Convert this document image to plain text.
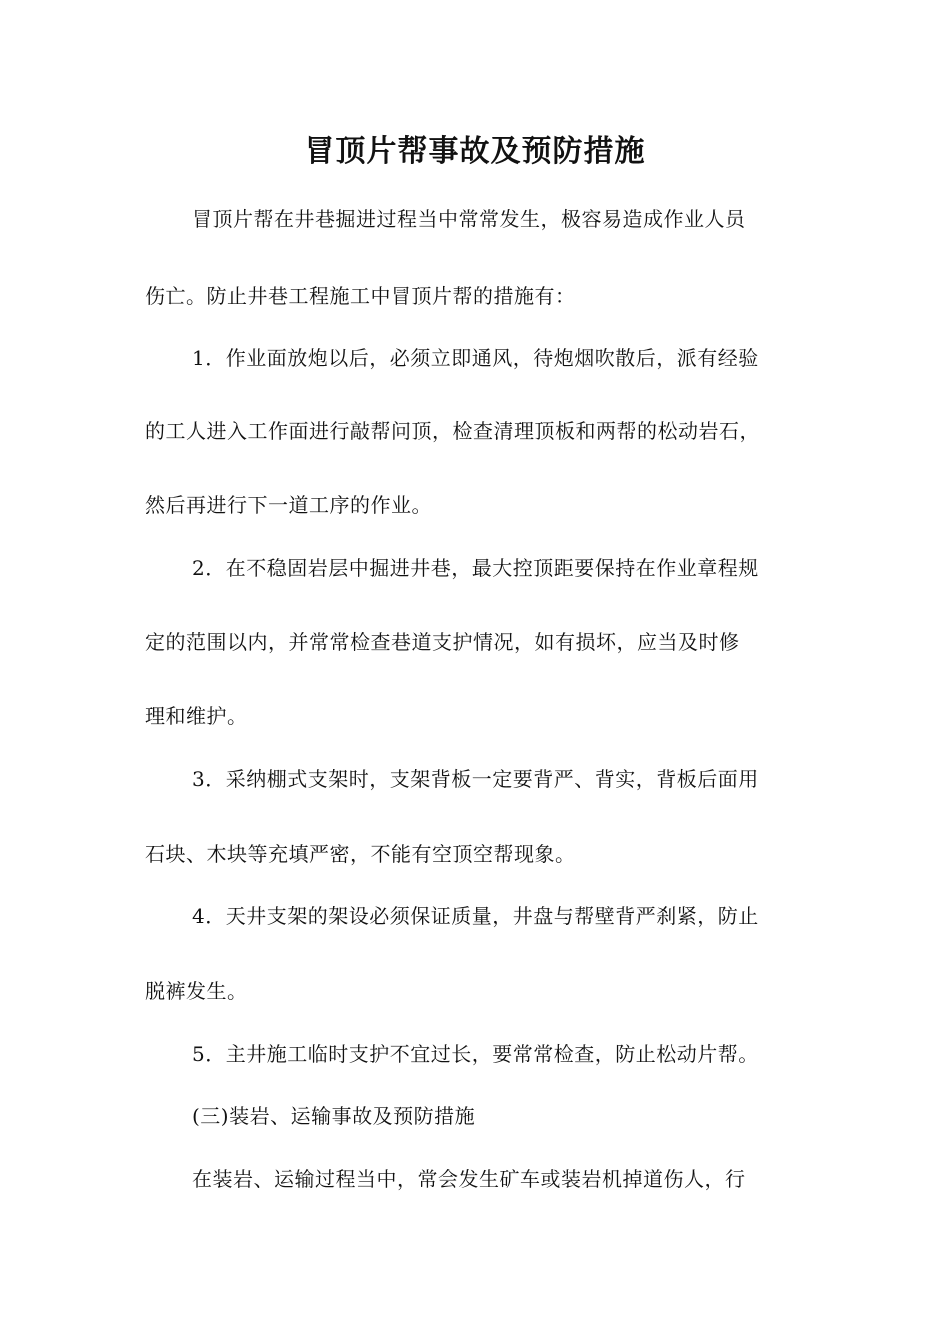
冒顶片帮事故及预防措施
冒顶片帮在井巷掘进过程当中常常发生，极容易造成作业人员
伤亡。防止井巷工程施工中冒顶片帮的措施有：
1．作业面放炮以后，必须立即通风，待炮烟吹散后，派有经验
的工人进入工作面进行敲帮问顶，检查清理顶板和两帮的松动岩石，
然后再进行下一道工序的作业。
2．在不稳固岩层中掘进井巷，最大控顶距要保持在作业章程规
定的范围以内，并常常检查巷道支护情况，如有损坏，应当及时修
理和维护。
3．采纳棚式支架时，支架背板一定要背严、背实，背板后面用
石块、木块等充填严密，不能有空顶空帮现象。
4．天井支架的架设必须保证质量，井盘与帮壁背严刹紧，防止
脱裤发生。
5．主井施工临时支护不宜过长，要常常检查，防止松动片帮。
(三)装岩、运输事故及预防措施
在装岩、运输过程当中，常会发生矿车或装岩机掉道伤人，行
